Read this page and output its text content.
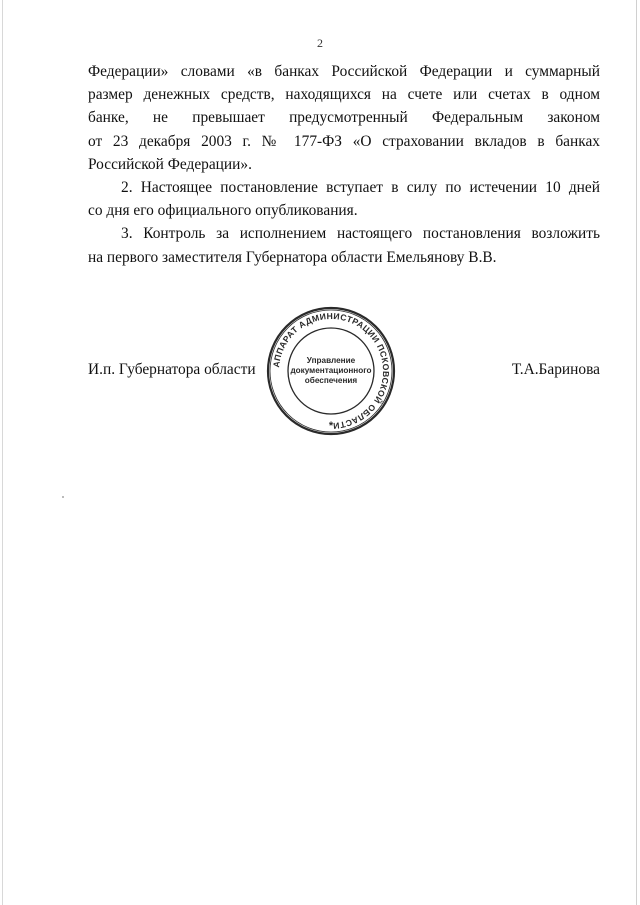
2

Федерации» словами «в банках Российской Федерации и суммарный
размер денежных средств, находящихся на счете или счетах в одном
банке, не превышает предусмотренный Федеральным законом
от 23 декабря 2003 г. № 177-ФЗ «О страховании вкладов в банках
Российской Федерации».

2. Настоящее постановление вступает в силу по истечении 10 дней
со дня его официального опубликования.

3. Контроль за исполнением настоящего постановления возложить
на первого заместителя Губернатора области Емельянову В.В.

И.п. Губернатора области	Т.А.Баринова
АППАРАТ АДМИНИСТРАЦИИ ПСКОВСКОЙ ОБЛАСТИ
Управление
документационного
обеспечения
*
